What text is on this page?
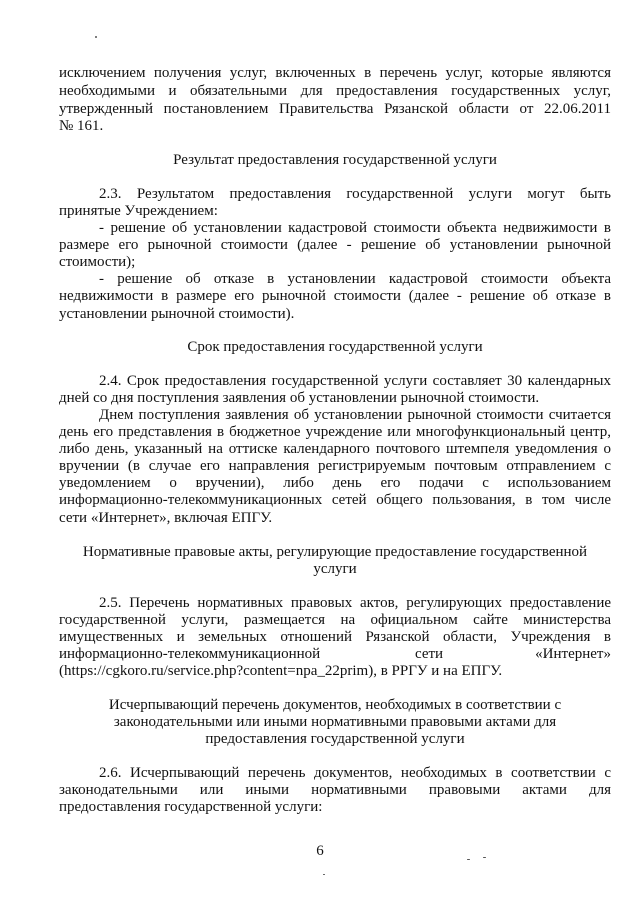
исключением получения услуг, включенных в перечень услуг, которые являются

необходимыми и обязательными для предоставления государственных услуг,

утвержденный постановлением Правительства Рязанской области от 22.06.2011

№ 161.

Результат предоставления государственной услуги

2.3. Результатом предоставления государственной услуги могут быть

принятые Учреждением:

- решение об установлении кадастровой стоимости объекта недвижимости в

размере его рыночной стоимости (далее - решение об установлении рыночной

стоимости);

- решение об отказе в установлении кадастровой стоимости объекта

недвижимости в размере его рыночной стоимости (далее - решение об отказе в

установлении рыночной стоимости).

Срок предоставления государственной услуги

2.4. Срок предоставления государственной услуги составляет 30 календарных

дней со дня поступления заявления об установлении рыночной стоимости.

Днем поступления заявления об установлении рыночной стоимости считается

день его представления в бюджетное учреждение или многофункциональный центр,

либо день, указанный на оттиске календарного почтового штемпеля уведомления о

вручении (в случае его направления регистрируемым почтовым отправлением с

уведомлением о вручении), либо день его подачи с использованием

информационно-телекоммуникационных сетей общего пользования, в том числе

сети «Интернет», включая ЕПГУ.

Нормативные правовые акты, регулирующие предоставление государственной

услуги

2.5. Перечень нормативных правовых актов, регулирующих предоставление

государственной услуги, размещается на официальном сайте министерства

имущественных и земельных отношений Рязанской области, Учреждения в

информационно-телекоммуникационной	сети	«Интернет»

(https://cgkoro.ru/service.php?content=npa_22prim), в РРГУ и на ЕПГУ.

Исчерпывающий перечень документов, необходимых в соответствии с

законодательными или иными нормативными правовыми актами для

предоставления государственной услуги

2.6. Исчерпывающий перечень документов, необходимых в соответствии с

законодательными или иными нормативными правовыми актами для

предоставления государственной услуги:

6
